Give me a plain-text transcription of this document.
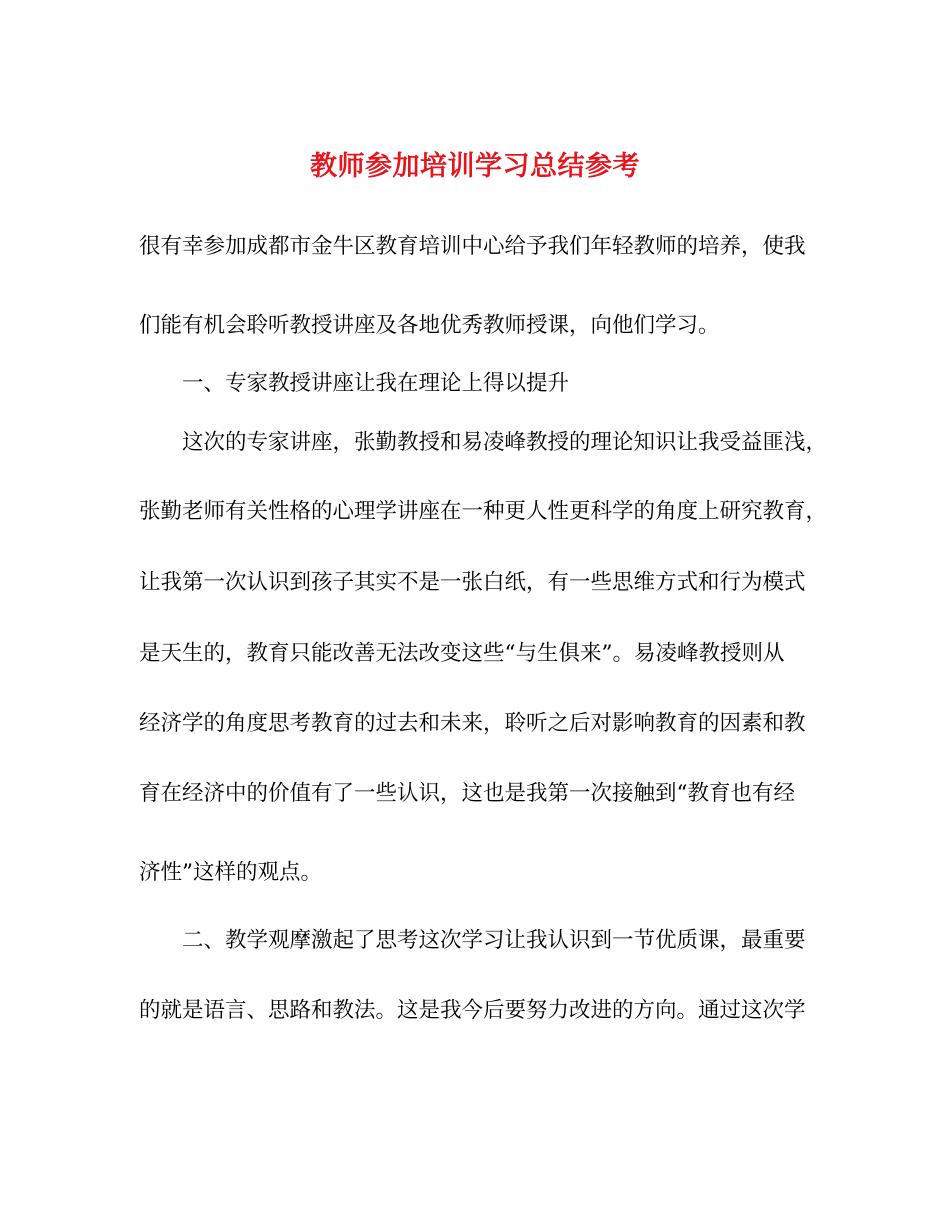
教师参加培训学习总结参考
很有幸参加成都市金牛区教育培训中心给予我们年轻教师的培养，使我
们能有机会聆听教授讲座及各地优秀教师授课，向他们学习。
一、专家教授讲座让我在理论上得以提升
这次的专家讲座，张勤教授和易凌峰教授的理论知识让我受益匪浅，
张勤老师有关性格的心理学讲座在一种更人性更科学的角度上研究教育，
让我第一次认识到孩子其实不是一张白纸，有一些思维方式和行为模式
是天生的，教育只能改善无法改变这些“与生俱来”。易凌峰教授则从
经济学的角度思考教育的过去和未来，聆听之后对影响教育的因素和教
育在经济中的价值有了一些认识，这也是我第一次接触到“教育也有经
济性”这样的观点。
二、教学观摩激起了思考这次学习让我认识到一节优质课，最重要
的就是语言、思路和教法。这是我今后要努力改进的方向。通过这次学
